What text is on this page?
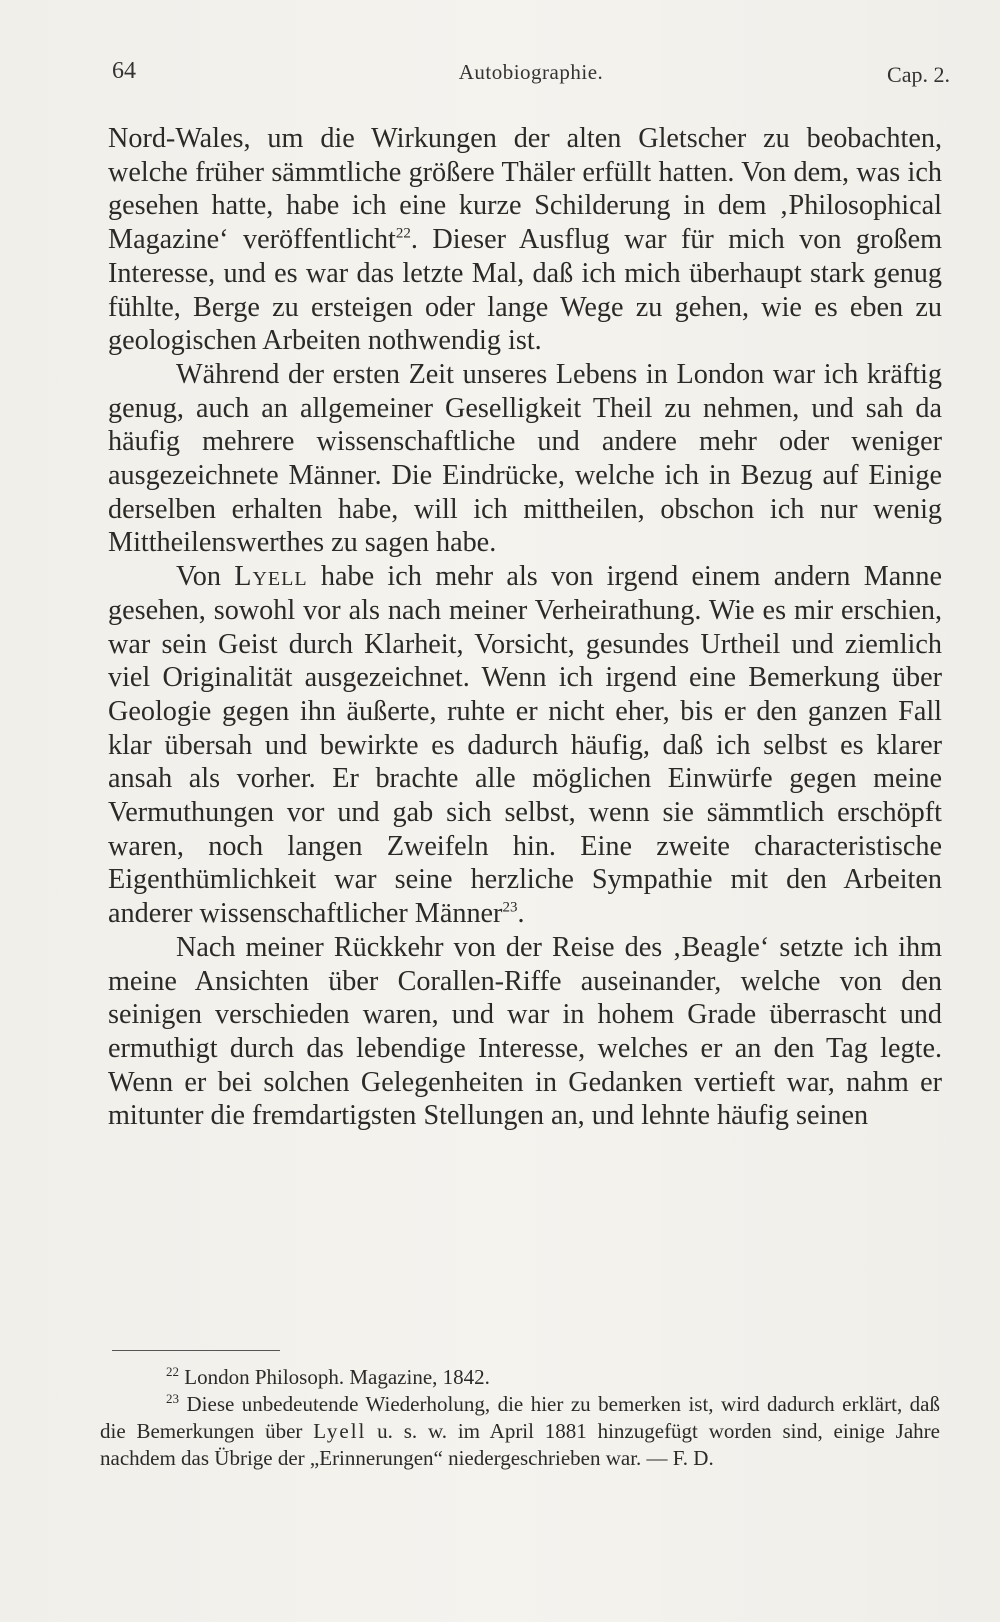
64	Autobiographie.	Cap. 2.

Nord-Wales, um die Wirkungen der alten Gletscher zu beobachten, welche früher sämmtliche größere Thäler erfüllt hatten. Von dem, was ich gesehen hatte, habe ich eine kurze Schilderung in dem ‚Philosophical Magazine‘ veröffentlicht$^{22}$. Dieser Ausflug war für mich von großem Interesse, und es war das letzte Mal, daß ich mich überhaupt stark genug fühlte, Berge zu ersteigen oder lange Wege zu gehen, wie es eben zu geologischen Arbeiten nothwendig ist.

Während der ersten Zeit unseres Lebens in London war ich kräftig genug, auch an allgemeiner Geselligkeit Theil zu nehmen, und sah da häufig mehrere wissenschaftliche und andere mehr oder weniger ausgezeichnete Männer. Die Eindrücke, welche ich in Bezug auf Einige derselben erhalten habe, will ich mittheilen, obschon ich nur wenig Mittheilenswerthes zu sagen habe.

Von Lyell habe ich mehr als von irgend einem andern Manne gesehen, sowohl vor als nach meiner Verheirathung. Wie es mir erschien, war sein Geist durch Klarheit, Vorsicht, gesundes Urtheil und ziemlich viel Originalität ausgezeichnet. Wenn ich irgend eine Bemerkung über Geologie gegen ihn äußerte, ruhte er nicht eher, bis er den ganzen Fall klar übersah und bewirkte es dadurch häufig, daß ich selbst es klarer ansah als vorher. Er brachte alle möglichen Einwürfe gegen meine Vermuthungen vor und gab sich selbst, wenn sie sämmtlich erschöpft waren, noch langen Zweifeln hin. Eine zweite characteristische Eigenthümlichkeit war seine herzliche Sympathie mit den Arbeiten anderer wissenschaftlicher Männer$^{23}$.

Nach meiner Rückkehr von der Reise des ‚Beagle‘ setzte ich ihm meine Ansichten über Corallen-Riffe auseinander, welche von den seinigen verschieden waren, und war in hohem Grade überrascht und ermuthigt durch das lebendige Interesse, welches er an den Tag legte. Wenn er bei solchen Gelegenheiten in Gedanken vertieft war, nahm er mitunter die fremdartigsten Stellungen an, und lehnte häufig seinen

$^{22}$ London Philosoph. Magazine, 1842.

$^{23}$ Diese unbedeutende Wiederholung, die hier zu bemerken ist, wird dadurch erklärt, daß die Bemerkungen über Lyell u. s. w. im April 1881 hinzugefügt worden sind, einige Jahre nachdem das Übrige der „Erinnerungen“ niedergeschrieben war. — F. D.
